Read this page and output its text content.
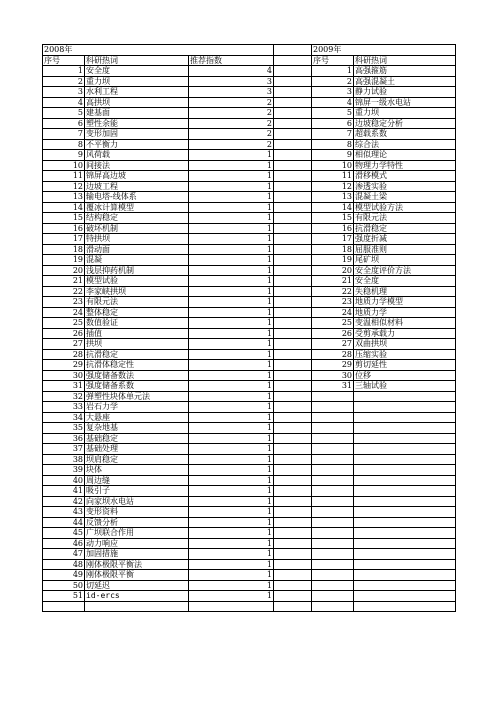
2008年				2009年	
序号	科研热词	推荐指数		序号	科研热词
1	安全度	4		1	高强箍筋
2	重力坝	3		2	高强混凝土
3	水利工程	3		3	静力试验
4	高拱坝	2		4	锦屏一级水电站
5	建基面	2		5	重力坝
6	塑性余能	2		6	边坡稳定分析
7	变形加固	2		7	超载系数
8	不平衡力	2		8	综合法
9	风荷载	1		9	相似理论
10	间接法	1		10	物理力学特性
11	锦屏高边坡	1		11	滑移模式
12	边坡工程	1		12	渗透实验
13	输电塔-线体系	1		13	混凝土梁
14	覆冰计算模型	1		14	模型试验方法
15	结构稳定	1		15	有限元法
16	破坏机制	1		16	抗滑稳定
17	特拱坝	1		17	强度折减
18	滑动面	1		18	屈服准则
19	混凝	1		19	尾矿坝
20	浅层抑药机制	1		20	安全度评价方法
21	模型试验	1		21	安全度
22	李家峡拱坝	1		22	失稳机理
23	有限元法	1		23	地质力学模型
24	整体稳定	1		24	地质力学
25	数值验证	1		25	变温相似材料
26	插值	1		26	受剪承载力
27	拱坝	1		27	双曲拱坝
28	抗滑稳定	1		28	压缩实验
29	抗滑体稳定性	1		29	剪切延性
30	强度储备数法	1		30	位移
31	强度储备系数	1		31	三轴试验
32	弹塑性块体单元法	1			
33	岩石力学	1			
34	大悬座	1			
35	复杂地基	1			
36	基础稳定	1			
37	基础处理	1			
38	坝肩稳定	1			
39	块体	1			
40	周边缝	1			
41	吸引子	1			
42	向家坝水电站	1			
43	变形资料	1			
44	反馈分析	1			
45	广坝联合作用	1			
46	动力响应	1			
47	加固措施	1			
48	刚体极限平衡法	1			
49	刚体极限平衡	1			
50	切延迟	1			
51	id-ercs	1			
